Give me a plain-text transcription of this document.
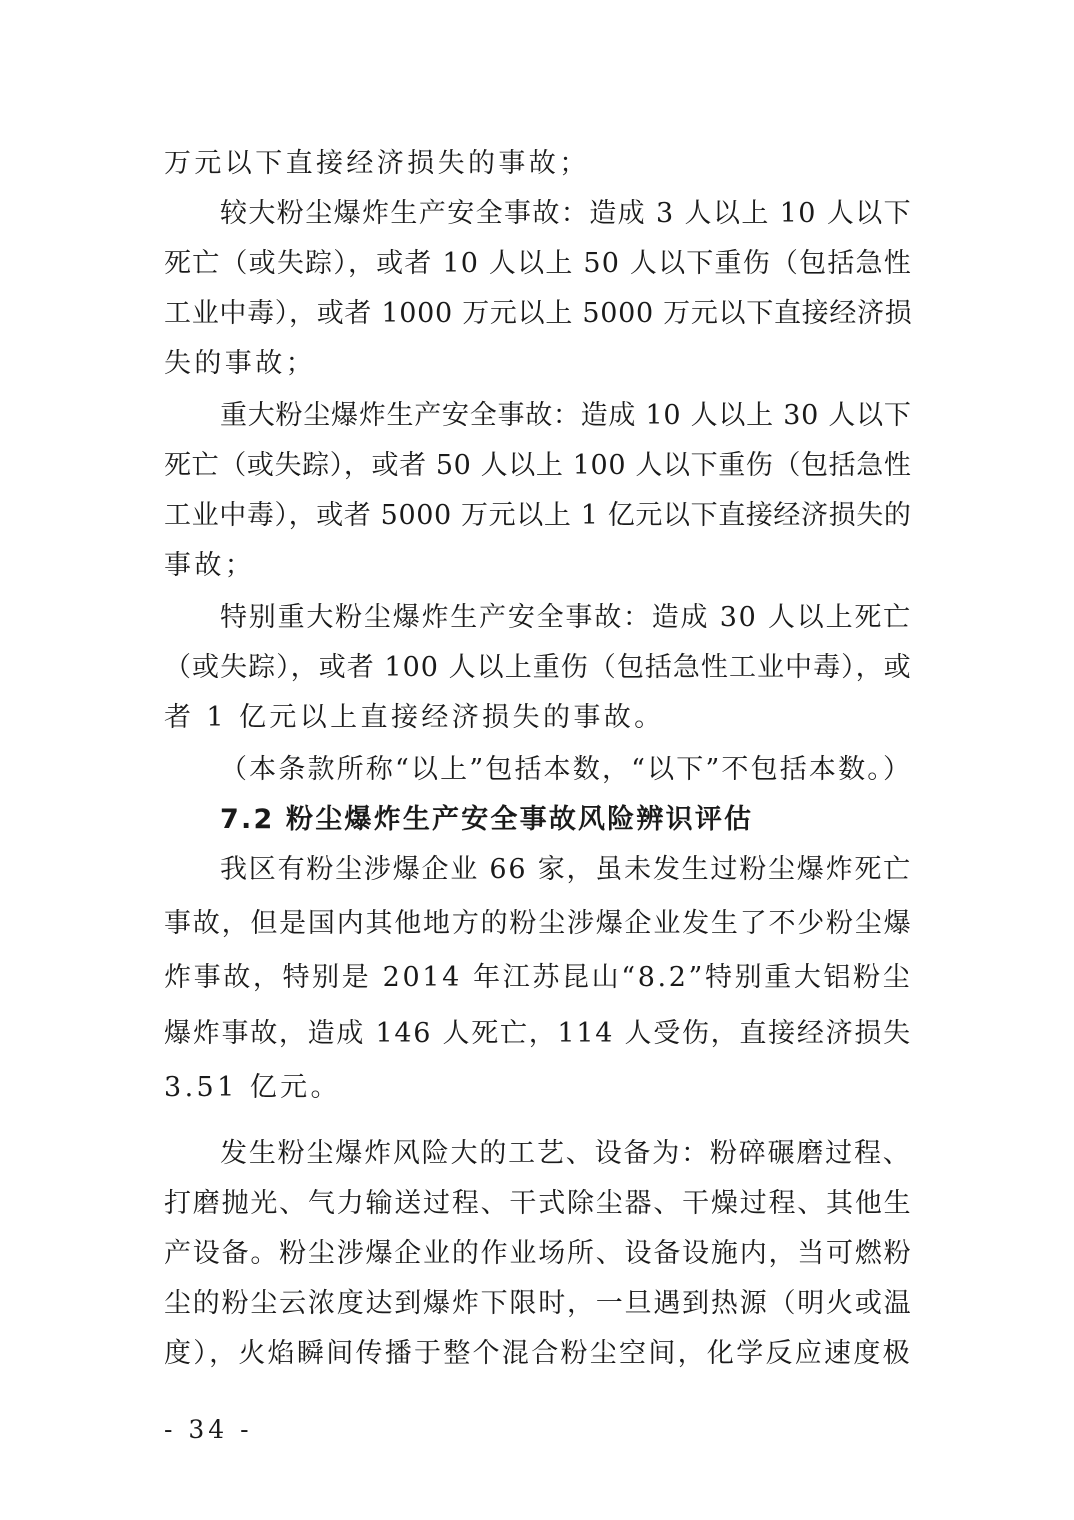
万元以下直接经济损失的事故；
较大粉尘爆炸生产安全事故：造成 3 人以上 10 人以下
死亡（或失踪），或者 10 人以上 50 人以下重伤（包括急性
工业中毒），或者 1000 万元以上 5000 万元以下直接经济损
失的事故；
重大粉尘爆炸生产安全事故：造成 10 人以上 30 人以下
死亡（或失踪），或者 50 人以上 100 人以下重伤（包括急性
工业中毒），或者 5000 万元以上 1 亿元以下直接经济损失的
事故；
特别重大粉尘爆炸生产安全事故：造成 30 人以上死亡
（或失踪），或者 100 人以上重伤（包括急性工业中毒），或
者 1 亿元以上直接经济损失的事故。
（本条款所称“以上”包括本数，“以下”不包括本数。）
7.2 粉尘爆炸生产安全事故风险辨识评估
我区有粉尘涉爆企业 66 家，虽未发生过粉尘爆炸死亡
事故，但是国内其他地方的粉尘涉爆企业发生了不少粉尘爆
炸事故，特别是 2014 年江苏昆山“8.2”特别重大铝粉尘
爆炸事故，造成 146 人死亡，114 人受伤，直接经济损失
3.51 亿元。
发生粉尘爆炸风险大的工艺、设备为：粉碎碾磨过程、
打磨抛光、气力输送过程、干式除尘器、干燥过程、其他生
产设备。粉尘涉爆企业的作业场所、设备设施内，当可燃粉
尘的粉尘云浓度达到爆炸下限时，一旦遇到热源（明火或温
度），火焰瞬间传播于整个混合粉尘空间，化学反应速度极
- 34 -
